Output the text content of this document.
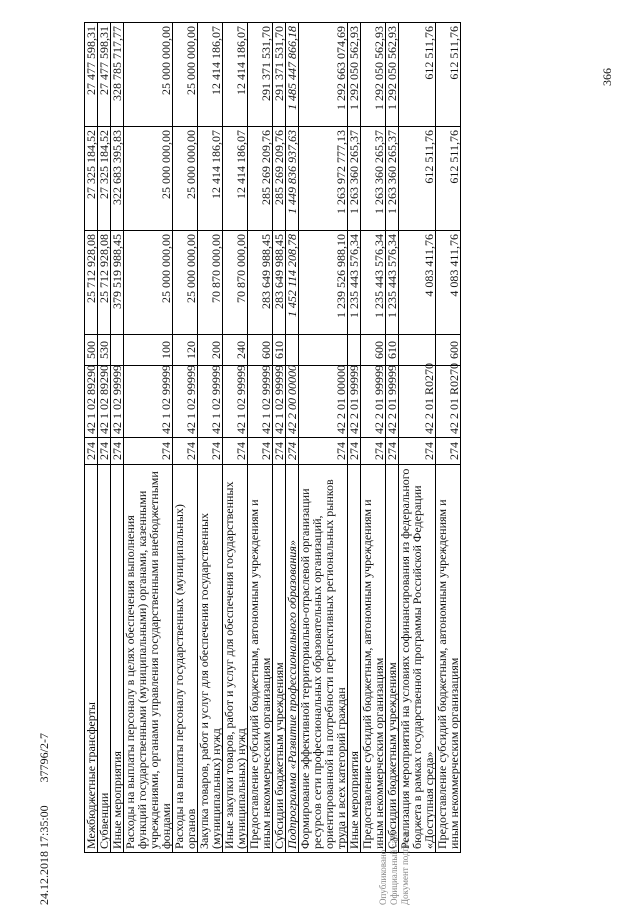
366
Межбюджетные трансферты	274	42 1 02 89290	500	25 712 928,08	27 325 184,52	27 477 598,31
Субвенции	274	42 1 02 89290	530	25 712 928,08	27 325 184,52	27 477 598,31
Иные мероприятия	274	42 1 02 99999		379 519 988,45	322 683 395,83	328 785 717,77
Расходы на выплаты персоналу в целях обеспечения выполнения функций государственными (муниципальными) органами, казенными учреждениями, органами управления государственными внебюджетными фондами	274	42 1 02 99999	100	25 000 000,00	25 000 000,00	25 000 000,00
Расходы на выплаты персоналу государственных (муниципальных) органов	274	42 1 02 99999	120	25 000 000,00	25 000 000,00	25 000 000,00
Закупка товаров, работ и услуг для обеспечения государственных (муниципальных) нужд	274	42 1 02 99999	200	70 870 000,00	12 414 186,07	12 414 186,07
Иные закупки товаров, работ и услуг для обеспечения государственных (муниципальных) нужд	274	42 1 02 99999	240	70 870 000,00	12 414 186,07	12 414 186,07
Предоставление субсидий бюджетным, автономным учреждениям и иным некоммерческим организациям	274	42 1 02 99999	600	283 649 988,45	285 269 209,76	291 371 531,70
Субсидии бюджетным учреждениям	274	42 1 02 99999	610	283 649 988,45	285 269 209,76	291 371 531,70
Подпрограмма «Развитие профессионального образования»	274	42 2 00 00000		1 452 114 208,78	1 449 836 937,63	1 485 447 866,18
Формирование эффективной территориально-отраслевой организации ресурсов сети профессиональных образовательных организаций, ориентированной на потребности перспективных региональных рынков труда и всех категорий граждан	274	42 2 01 00000		1 239 526 988,10	1 263 972 777,13	1 292 663 074,69
Иные мероприятия	274	42 2 01 99999		1 235 443 576,34	1 263 360 265,37	1 292 050 562,93
Предоставление субсидий бюджетным, автономным учреждениям и иным некоммерческим организациям	274	42 2 01 99999	600	1 235 443 576,34	1 263 360 265,37	1 292 050 562,93
Субсидии бюджетным учреждениям	274	42 2 01 99999	610	1 235 443 576,34	1 263 360 265,37	1 292 050 562,93
Реализация мероприятий на условиях софинансирования из федерального бюджета в рамках государственной программы Российской Федерации «Доступная среда»	274	42 2 01 R0270		4 083 411,76	612 511,76	612 511,76
Предоставление субсидий бюджетным, автономным учреждениям и иным некоммерческим организациям	274	42 2 01 R0270	600	4 083 411,76	612 511,76	612 511,76
Опубликовано Официальный сайт Документ подписан
24.12.2018 17:35:00 37796/2-7
